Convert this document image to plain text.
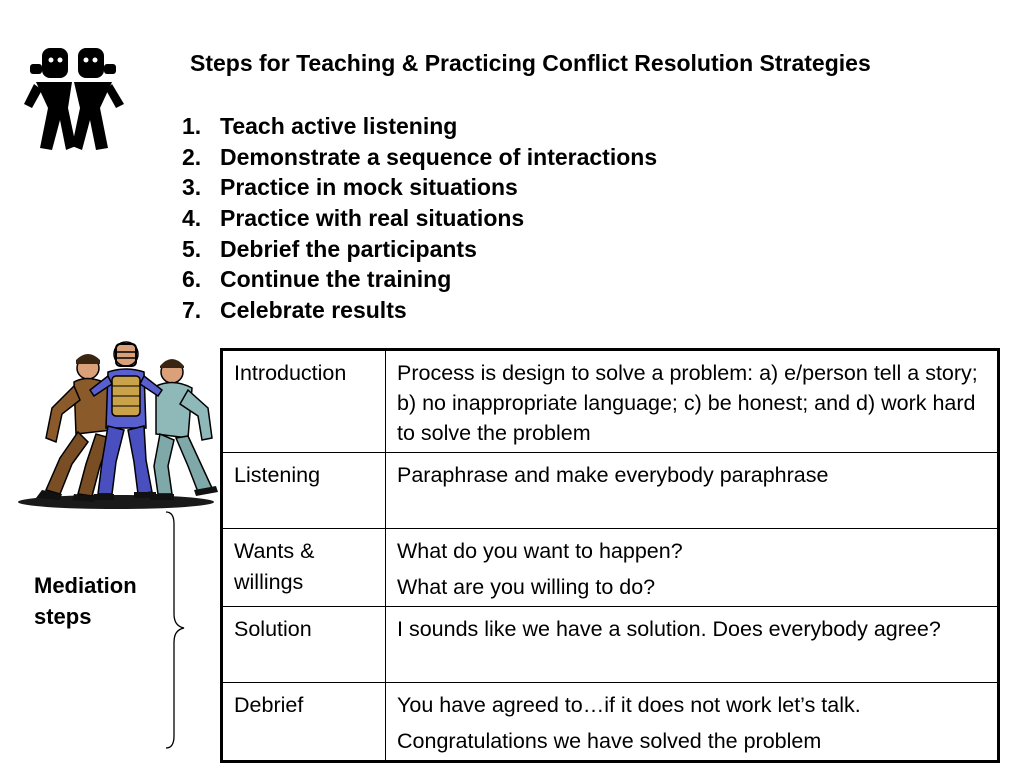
Steps for Teaching & Practicing Conflict Resolution Strategies
1. Teach active listening
2. Demonstrate a sequence of interactions
3. Practice in mock situations
4. Practice with real situations
5. Debrief the participants
6. Continue the training
7. Celebrate results
Mediation
steps
Introduction	Process is design to solve a problem: a) e/person tell a story; b) no inappropriate language; c) be honest; and d) work hard to solve the problem

Listening	Paraphrase and make everybody paraphrase

Wants & willings	What do you want to happen?

What are you willing to do?

Solution	I sounds like we have a solution. Does everybody agree?

Debrief	You have agreed to…if it does not work let’s talk.

Congratulations we have solved the problem
